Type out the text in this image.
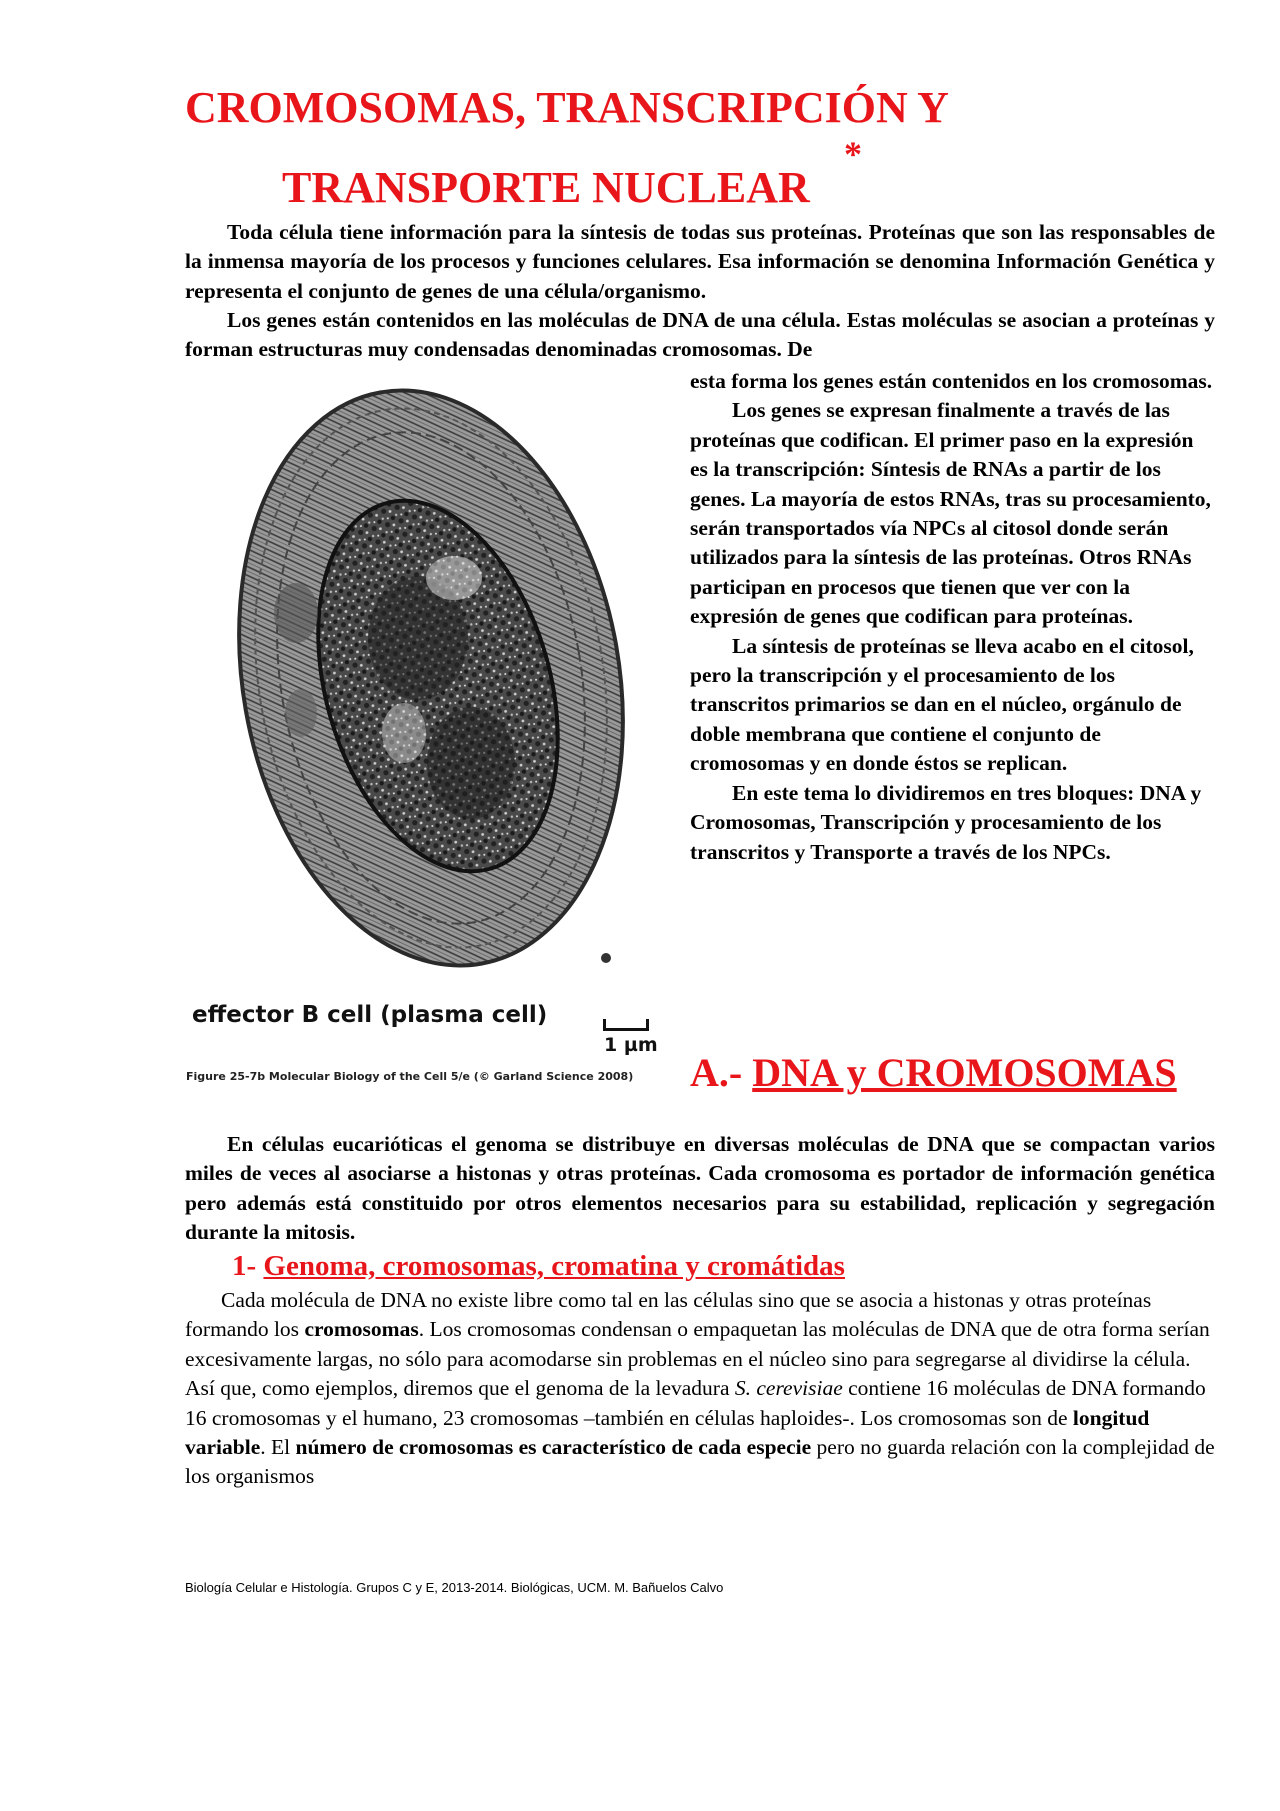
CROMOSOMAS, TRANSCRIPCIÓN Y
TRANSPORTE NUCLEAR
*

Toda célula tiene información para la síntesis de todas sus proteínas. Proteínas que son las responsables de la inmensa mayoría de los procesos y funciones celulares. Esa información se denomina Información Genética y representa el conjunto de genes de una célula/organismo.

Los genes están contenidos en las moléculas de DNA de una célula. Estas moléculas se asocian a proteínas y forman estructuras muy condensadas denominadas cromosomas. De

esta forma los genes están contenidos en los cromosomas.

Los genes se expresan finalmente a través de las proteínas que codifican. El primer paso en la expresión es la transcripción: Síntesis de RNAs a partir de los genes. La mayoría de estos RNAs, tras su procesamiento, serán transportados vía NPCs al citosol donde serán utilizados para la síntesis de las proteínas. Otros RNAs participan en procesos que tienen que ver con la expresión de genes que codifican para proteínas.

La síntesis de proteínas se lleva acabo en el citosol, pero la transcripción y el procesamiento de los transcritos primarios se dan en el núcleo, orgánulo de doble membrana que contiene el conjunto de cromosomas y en donde éstos se replican.

En este tema lo dividiremos en tres bloques: DNA y Cromosomas, Transcripción y procesamiento de los transcritos y Transporte a través de los NPCs.

effector B cell (plasma cell)
1 µm
Figure 25-7b Molecular Biology of the Cell 5/e (© Garland Science 2008) A.- DNA y CROMOSOMAS

En células eucarióticas el genoma se distribuye en diversas moléculas de DNA que se compactan varios miles de veces al asociarse a histonas y otras proteínas. Cada cromosoma es portador de información genética pero además está constituido por otros elementos necesarios para su estabilidad, replicación y segregación durante la mitosis.

1- Genoma, cromosomas, cromatina y cromátidas

Cada molécula de DNA no existe libre como tal en las células sino que se asocia a histonas y otras proteínas formando los cromosomas. Los cromosomas condensan o empaquetan las moléculas de DNA que de otra forma serían excesivamente largas, no sólo para acomodarse sin problemas en el núcleo sino para segregarse al dividirse la célula. Así que, como ejemplos, diremos que el genoma de la levadura S. cerevisiae contiene 16 moléculas de DNA formando 16 cromosomas y el humano, 23 cromosomas –también en células haploides-. Los cromosomas son de longitud variable. El número de cromosomas es característico de cada especie pero no guarda relación con la complejidad de los organismos

Biología Celular e Histología. Grupos C y E, 2013-2014. Biológicas, UCM. M. Bañuelos Calvo
